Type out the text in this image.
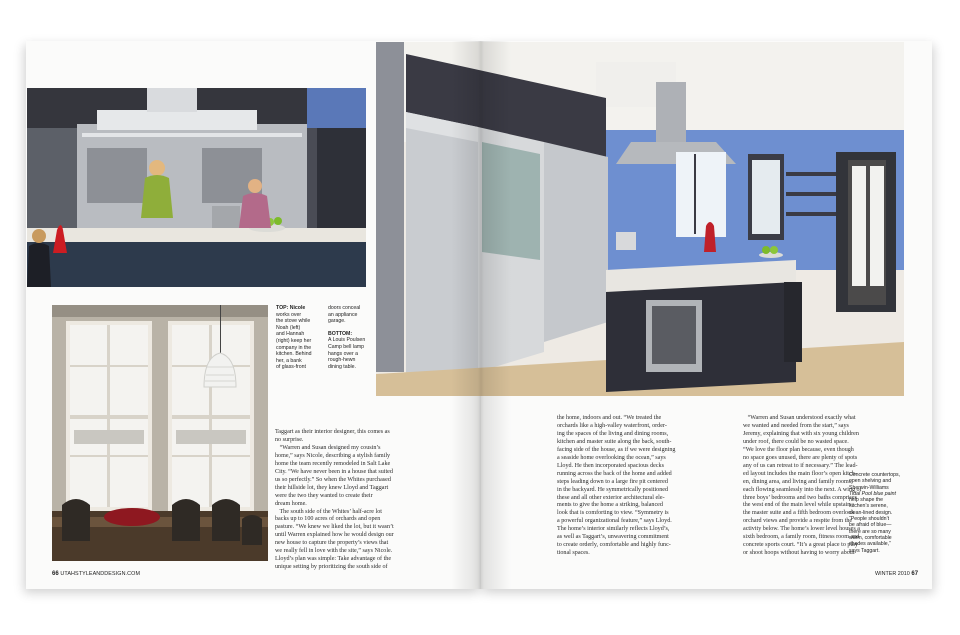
TOP: Nicole
works over
the stove while
Noah (left)
and Hannah
(right) keep her
company in the
kitchen. Behind
her, a bank
of glass-front
doors conceal
an appliance
garage.
BOTTOM:
A Louis Poulsen
Camp bell lamp
hangs over a
rough-hewn
dining table.
Taggart as their interior designer, this comes as
no surprise.
“Warren and Susan designed my cousin’s
home,” says Nicole, describing a stylish family
home the team recently remodeled in Salt Lake
City. “We have never been in a house that suited
us so perfectly.” So when the Whites purchased
their hillside lot, they knew Lloyd and Taggart
were the two they wanted to create their
dream home.
The south side of the Whites’ half-acre lot
backs up to 100 acres of orchards and open
pasture. “We knew we liked the lot, but it wasn’t
until Warren explained how he would design our
new house to capture the property’s views that
we really fell in love with the site,” says Nicole.
Lloyd’s plan was simple: Take advantage of the
unique setting by prioritizing the south side of
66 UTAHSTYLEANDDESIGN.COM
Concrete countertops,
open shelving and
Sherwin-Williams
Tidal Pool blue paint
help shape the
kitchen’s serene,
clean-lined design.
“People shouldn’t
be afraid of blue—
there are so many
warm, comfortable
shades available,”
says Taggart.
the home, indoors and out. “We treated the
orchards like a high-valley waterfront, order-
ing the spaces of the living and dining rooms,
kitchen and master suite along the back, south-
facing side of the house, as if we were designing
a seaside home overlooking the ocean,” says
Lloyd. He then incorporated spacious decks
running across the back of the home and added
steps leading down to a large fire pit centered
in the backyard. He symmetrically positioned
these and all other exterior architectural ele-
ments to give the home a striking, balanced
look that is comforting to view. “Symmetry is
a powerful organizational feature,” says Lloyd.
The home’s interior similarly reflects Lloyd’s,
as well as Taggart’s, unwavering commitment
to create orderly, comfortable and highly func-
tional spaces.
“Warren and Susan understood exactly what
we wanted and needed from the start,” says
Jeremy, explaining that with six young children
under roof, there could be no wasted space.
“We love the floor plan because, even though
no space goes unused, there are plenty of spots
any of us can retreat to if necessary.” The lead-
ed layout includes the main floor’s open kitch-
en, dining area, and living and family rooms,
each flowing seamlessly into the next. A wing of
three boys’ bedrooms and two baths comprises
the west end of the main level while upstairs,
the master suite and a fifth bedroom overlook
orchard views and provide a respite from the
activity below. The home’s lower level houses a
sixth bedroom, a family room, fitness room and
concrete sports court. “It’s a great place to play
or shoot hoops without having to worry about
WINTER 2010 67
